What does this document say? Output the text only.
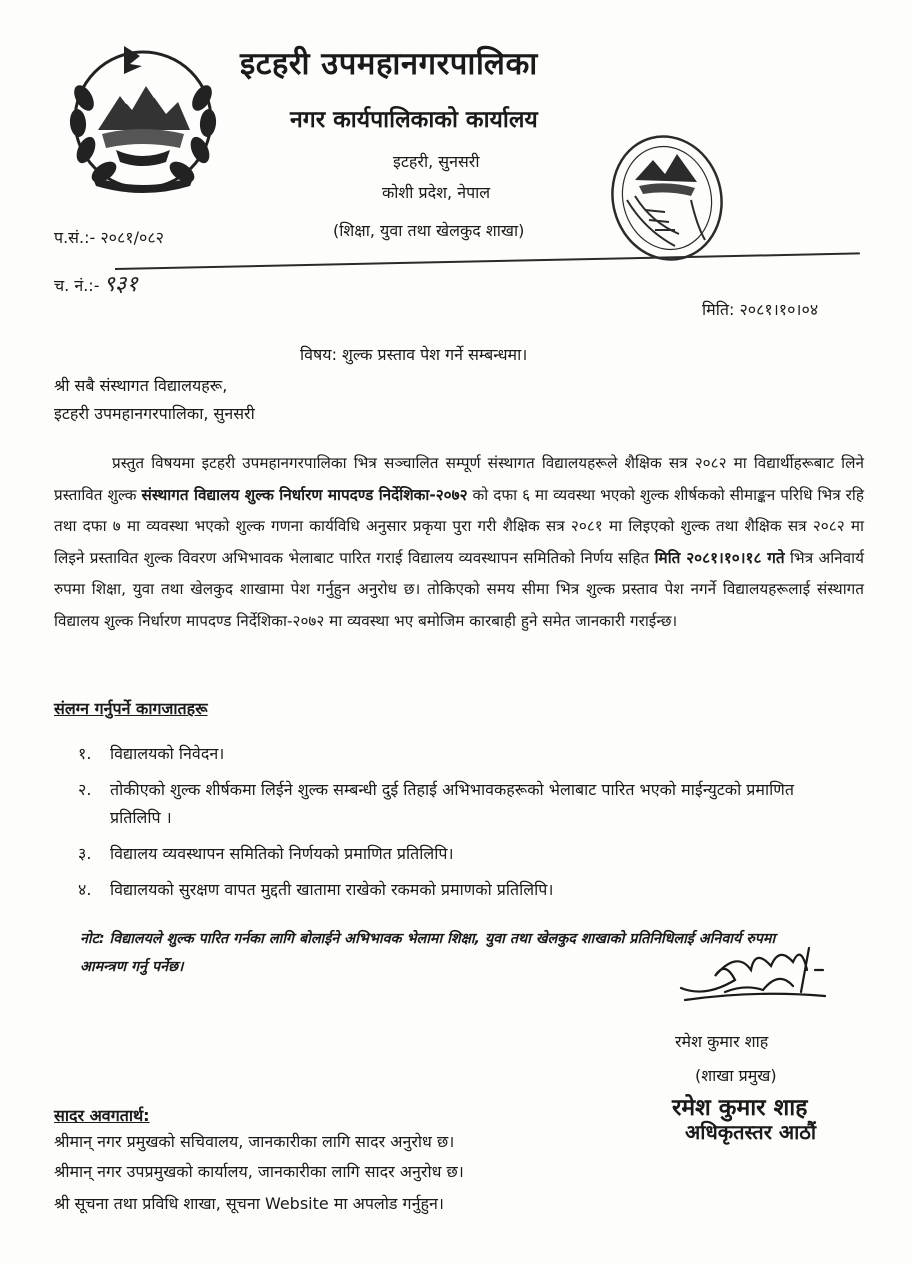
इटहरी उपमहानगरपालिका
नगर कार्यपालिकाको कार्यालय
इटहरी, सुनसरी
कोशी प्रदेश, नेपाल
(शिक्षा, युवा तथा खेलकुद शाखा)
प.सं.:- २०८१/०८२
च. नं.:- ९३१
मिति: २०८१।१०।०४
विषय: शुल्क प्रस्ताव पेश गर्ने सम्बन्धमा।
श्री सबै संस्थागत विद्यालयहरू,
इटहरी उपमहानगरपालिका, सुनसरी
प्रस्तुत विषयमा इटहरी उपमहानगरपालिका भित्र सञ्चालित सम्पूर्ण संस्थागत विद्यालयहरूले शैक्षिक सत्र २०८२ मा विद्यार्थीहरूबाट लिने प्रस्तावित शुल्क संस्थागत विद्यालय शुल्क निर्धारण मापदण्ड निर्देशिका-२०७२ को दफा ६ मा व्यवस्था भएको शुल्क शीर्षकको सीमाङ्कन परिधि भित्र रहि तथा दफा ७ मा व्यवस्था भएको शुल्क गणना कार्यविधि अनुसार प्रकृया पुरा गरी शैक्षिक सत्र २०८१ मा लिइएको शुल्क तथा शैक्षिक सत्र २०८२ मा लिइने प्रस्तावित शुल्क विवरण अभिभावक भेलाबाट पारित गराई विद्यालय व्यवस्थापन समितिको निर्णय सहित मिति २०८१।१०।१८ गते भित्र अनिवार्य रुपमा शिक्षा, युवा तथा खेलकुद शाखामा पेश गर्नुहुन अनुरोध छ। तोकिएको समय सीमा भित्र शुल्क प्रस्ताव पेश नगर्ने विद्यालयहरूलाई संस्थागत विद्यालय शुल्क निर्धारण मापदण्ड निर्देशिका-२०७२ मा व्यवस्था भए बमोजिम कारबाही हुने समेत जानकारी गराईन्छ।
संलग्न गर्नुपर्ने कागजातहरू
१.	विद्यालयको निवेदन।
२.	तोकीएको शुल्क शीर्षकमा लिईने शुल्क सम्बन्धी दुई तिहाई अभिभावकहरूको भेलाबाट पारित भएको माईन्युटको प्रमाणित प्रतिलिपि ।
३.	विद्यालय व्यवस्थापन समितिको निर्णयको प्रमाणित प्रतिलिपि।
४.	विद्यालयको सुरक्षण वापत मुद्दती खातामा राखेको रकमको प्रमाणको प्रतिलिपि।
नोट: विद्यालयले शुल्क पारित गर्नका लागि बोलाईने अभिभावक भेलामा शिक्षा, युवा तथा खेलकुद शाखाको प्रतिनिधिलाई अनिवार्य रुपमा आमन्त्रण गर्नु पर्नेछ।
रमेश कुमार शाह
(शाखा प्रमुख)
रमेश कुमार शाह
अधिकृतस्तर आठौं
सादर अवगतार्थ:
श्रीमान् नगर प्रमुखको सचिवालय, जानकारीका लागि सादर अनुरोध छ।
श्रीमान् नगर उपप्रमुखको कार्यालय, जानकारीका लागि सादर अनुरोध छ।
श्री सूचना तथा प्रविधि शाखा, सूचना Website मा अपलोड गर्नुहुन।
